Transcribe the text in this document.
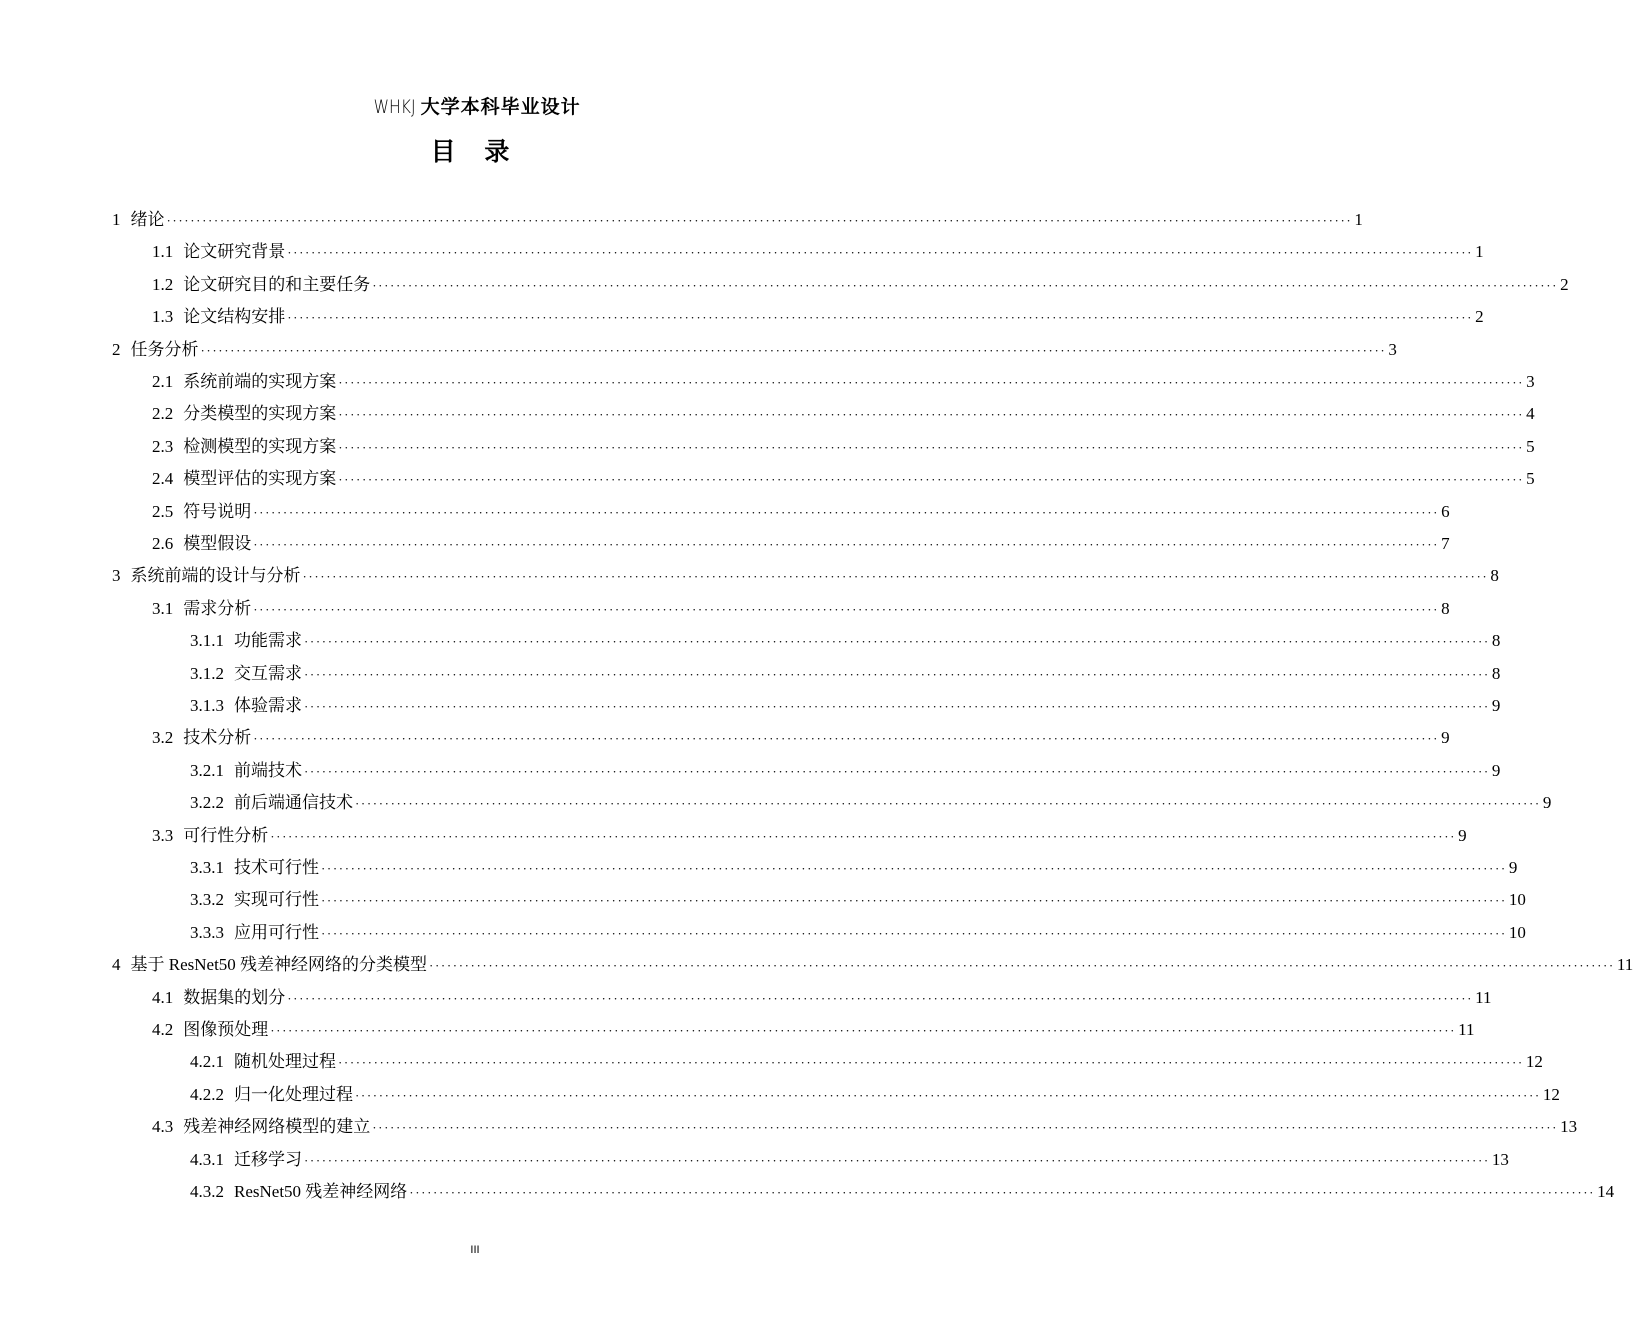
WHKJ 大学本科毕业设计
目 录
1 绪论 ········································································································································································································ 1
1.1 论文研究背景 ········································································································································································································ 1
1.2 论文研究目的和主要任务 ········································································································································································································ 2
1.3 论文结构安排 ········································································································································································································ 2
2 任务分析 ········································································································································································································ 3
2.1 系统前端的实现方案 ········································································································································································································ 3
2.2 分类模型的实现方案 ········································································································································································································ 4
2.3 检测模型的实现方案 ········································································································································································································ 5
2.4 模型评估的实现方案 ········································································································································································································ 5
2.5 符号说明 ········································································································································································································ 6
2.6 模型假设 ········································································································································································································ 7
3 系统前端的设计与分析 ········································································································································································································ 8
3.1 需求分析 ········································································································································································································ 8
3.1.1 功能需求 ········································································································································································································ 8
3.1.2 交互需求 ········································································································································································································ 8
3.1.3 体验需求 ········································································································································································································ 9
3.2 技术分析 ········································································································································································································ 9
3.2.1 前端技术 ········································································································································································································ 9
3.2.2 前后端通信技术 ········································································································································································································ 9
3.3 可行性分析 ········································································································································································································ 9
3.3.1 技术可行性 ········································································································································································································ 9
3.3.2 实现可行性 ········································································································································································································ 10
3.3.3 应用可行性 ········································································································································································································ 10
4 基于 ResNet50 残差神经网络的分类模型 ········································································································································································································ 11
4.1 数据集的划分 ········································································································································································································ 11
4.2 图像预处理 ········································································································································································································ 11
4.2.1 随机处理过程 ········································································································································································································ 12
4.2.2 归一化处理过程 ········································································································································································································ 12
4.3 残差神经网络模型的建立 ········································································································································································································ 13
4.3.1 迁移学习 ········································································································································································································ 13
4.3.2 ResNet50 残差神经网络 ········································································································································································································ 14
III
